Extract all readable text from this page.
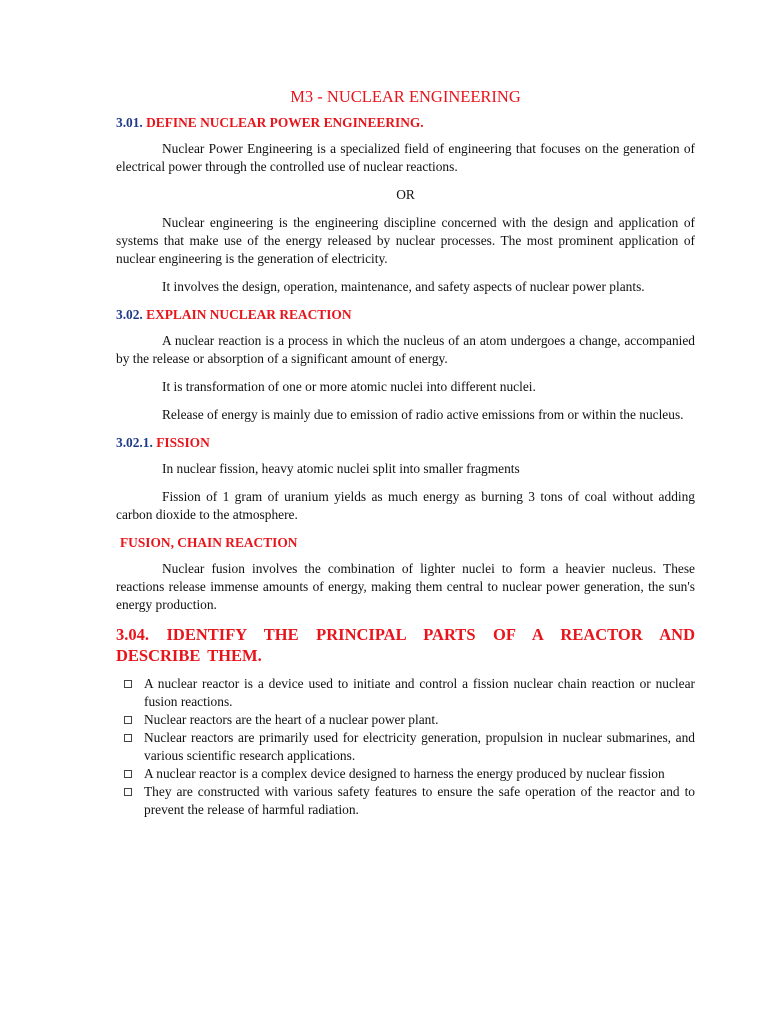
M3 - NUCLEAR ENGINEERING
3.01. DEFINE NUCLEAR POWER ENGINEERING.

Nuclear Power Engineering is a specialized field of engineering that focuses on the generation of electrical power through the controlled use of nuclear reactions.

OR

Nuclear engineering is the engineering discipline concerned with the design and application of systems that make use of the energy released by nuclear processes. The most prominent application of nuclear engineering is the generation of electricity.

It involves the design, operation, maintenance, and safety aspects of nuclear power plants.

3.02. EXPLAIN NUCLEAR REACTION

A nuclear reaction is a process in which the nucleus of an atom undergoes a change, accompanied by the release or absorption of a significant amount of energy.

It is transformation of one or more atomic nuclei into different nuclei.

Release of energy is mainly due to emission of radio active emissions from or within the nucleus.

3.02.1. FISSION

In nuclear fission, heavy atomic nuclei split into smaller fragments

Fission of 1 gram of uranium yields as much energy as burning 3 tons of coal without adding carbon dioxide to the atmosphere.

FUSION, CHAIN REACTION

Nuclear fusion involves the combination of lighter nuclei to form a heavier nucleus. These reactions release immense amounts of energy, making them central to nuclear power generation, the sun's energy production.

3.04. IDENTIFY THE PRINCIPAL PARTS OF A REACTOR AND DESCRIBE THEM.
A nuclear reactor is a device used to initiate and control a fission nuclear chain reaction or nuclear fusion reactions.
Nuclear reactors are the heart of a nuclear power plant.
Nuclear reactors are primarily used for electricity generation, propulsion in nuclear submarines, and various scientific research applications.
A nuclear reactor is a complex device designed to harness the energy produced by nuclear fission
They are constructed with various safety features to ensure the safe operation of the reactor and to prevent the release of harmful radiation.
